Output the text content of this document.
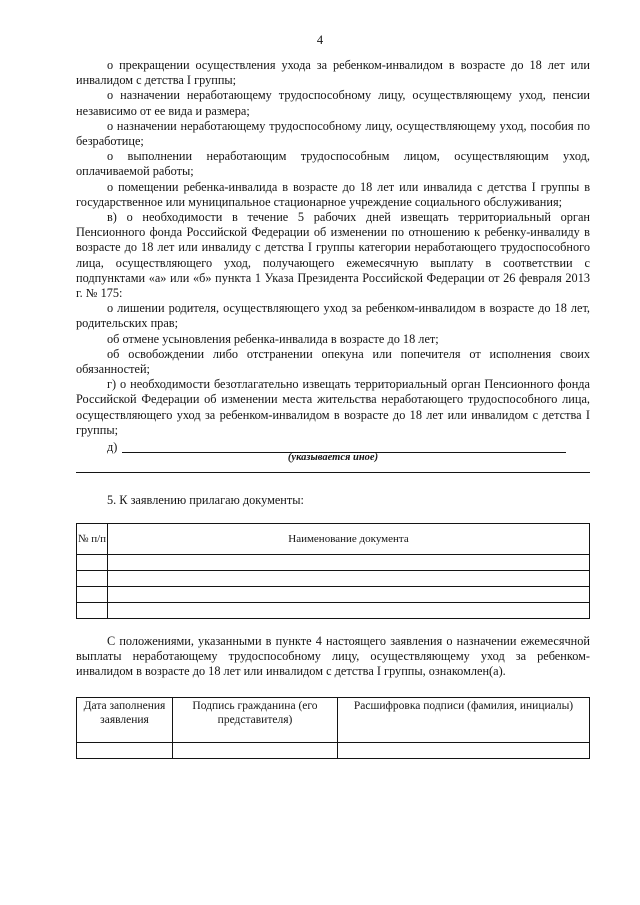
4

о прекращении осуществления ухода за ребенком-инвалидом в возрасте до 18 лет или инвалидом с детства I группы;

о назначении неработающему трудоспособному лицу, осуществляющему уход, пенсии независимо от ее вида и размера;

о назначении неработающему трудоспособному лицу, осуществляющему уход, пособия по безработице;

о выполнении неработающим трудоспособным лицом, осуществляющим уход, оплачиваемой работы;

о помещении ребенка-инвалида в возрасте до 18 лет или инвалида с детства I группы в государственное или муниципальное стационарное учреждение социального обслуживания;

в) о необходимости в течение 5 рабочих дней извещать территориальный орган Пенсионного фонда Российской Федерации об изменении по отношению к ребенку-инвалиду в возрасте до 18 лет или инвалиду с детства I группы категории неработающего трудоспособного лица, осуществляющего уход, получающего ежемесячную выплату в соответствии с подпунктами «а» или «б» пункта 1 Указа Президента Российской Федерации от 26 февраля 2013 г. № 175:

о лишении родителя, осуществляющего уход за ребенком-инвалидом в возрасте до 18 лет, родительских прав;

об отмене усыновления ребенка-инвалида в возрасте до 18 лет;

об освобождении либо отстранении опекуна или попечителя от исполнения своих обязанностей;

г) о необходимости безотлагательно извещать территориальный орган Пенсионного фонда Российской Федерации об изменении места жительства неработающего трудоспособного лица, осуществляющего уход за ребенком-инвалидом в возрасте до 18 лет или инвалидом с детства I группы;

д)
(указывается иное)
5. К заявлению прилагаю документы:
№ п/п	Наименование документа

С положениями, указанными в пункте 4 настоящего заявления о назначении ежемесячной выплаты неработающему трудоспособному лицу, осуществляющему уход за ребенком-инвалидом в возрасте до 18 лет или инвалидом с детства I группы, ознакомлен(а).

Дата заполнения заявления	Подпись гражданина (его представителя)	Расшифровка подписи (фамилия, инициалы)
